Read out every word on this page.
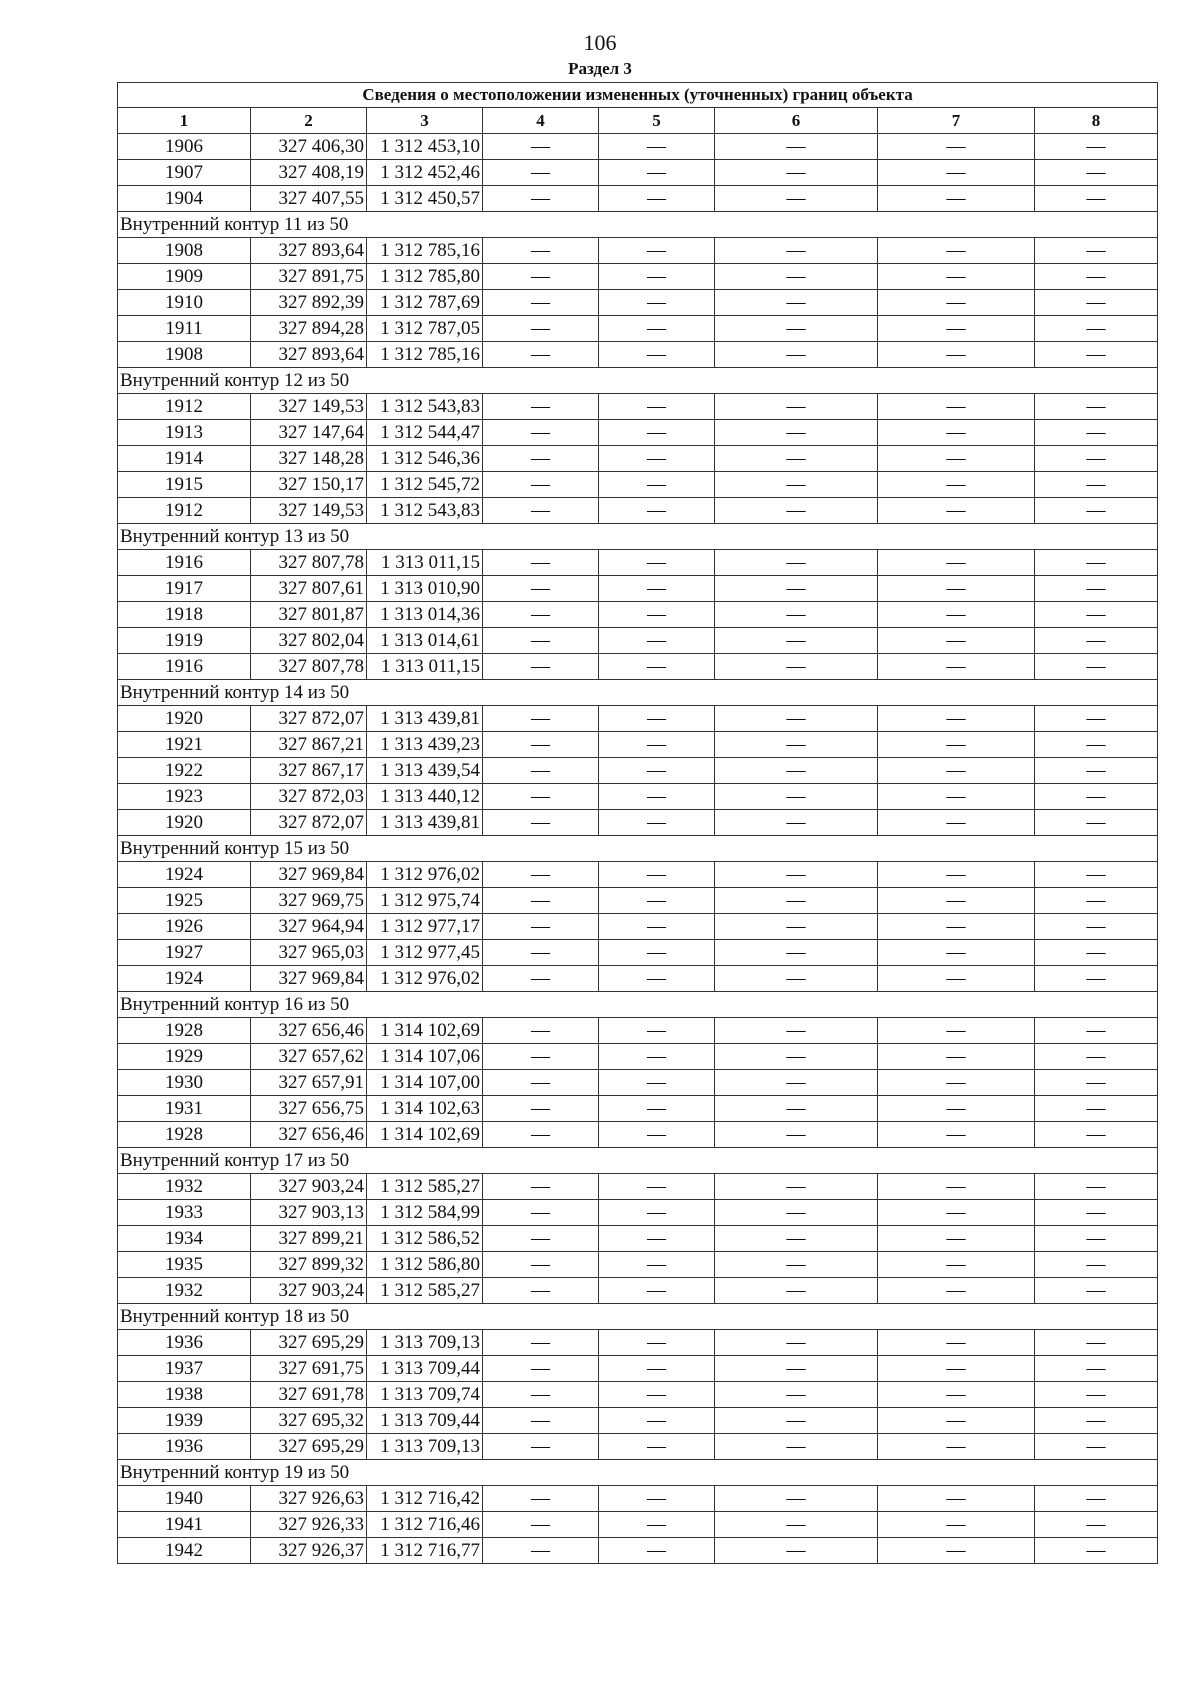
106
Раздел 3
Сведения о местоположении измененных (уточненных) границ объекта							
1	2	3	4	5	6	7	8
1906	327 406,30	1 312 453,10	—	—	—	—	—
1907	327 408,19	1 312 452,46	—	—	—	—	—
1904	327 407,55	1 312 450,57	—	—	—	—	—
Внутренний контур 11 из 50							
1908	327 893,64	1 312 785,16	—	—	—	—	—
1909	327 891,75	1 312 785,80	—	—	—	—	—
1910	327 892,39	1 312 787,69	—	—	—	—	—
1911	327 894,28	1 312 787,05	—	—	—	—	—
1908	327 893,64	1 312 785,16	—	—	—	—	—
Внутренний контур 12 из 50							
1912	327 149,53	1 312 543,83	—	—	—	—	—
1913	327 147,64	1 312 544,47	—	—	—	—	—
1914	327 148,28	1 312 546,36	—	—	—	—	—
1915	327 150,17	1 312 545,72	—	—	—	—	—
1912	327 149,53	1 312 543,83	—	—	—	—	—
Внутренний контур 13 из 50							
1916	327 807,78	1 313 011,15	—	—	—	—	—
1917	327 807,61	1 313 010,90	—	—	—	—	—
1918	327 801,87	1 313 014,36	—	—	—	—	—
1919	327 802,04	1 313 014,61	—	—	—	—	—
1916	327 807,78	1 313 011,15	—	—	—	—	—
Внутренний контур 14 из 50							
1920	327 872,07	1 313 439,81	—	—	—	—	—
1921	327 867,21	1 313 439,23	—	—	—	—	—
1922	327 867,17	1 313 439,54	—	—	—	—	—
1923	327 872,03	1 313 440,12	—	—	—	—	—
1920	327 872,07	1 313 439,81	—	—	—	—	—
Внутренний контур 15 из 50							
1924	327 969,84	1 312 976,02	—	—	—	—	—
1925	327 969,75	1 312 975,74	—	—	—	—	—
1926	327 964,94	1 312 977,17	—	—	—	—	—
1927	327 965,03	1 312 977,45	—	—	—	—	—
1924	327 969,84	1 312 976,02	—	—	—	—	—
Внутренний контур 16 из 50							
1928	327 656,46	1 314 102,69	—	—	—	—	—
1929	327 657,62	1 314 107,06	—	—	—	—	—
1930	327 657,91	1 314 107,00	—	—	—	—	—
1931	327 656,75	1 314 102,63	—	—	—	—	—
1928	327 656,46	1 314 102,69	—	—	—	—	—
Внутренний контур 17 из 50							
1932	327 903,24	1 312 585,27	—	—	—	—	—
1933	327 903,13	1 312 584,99	—	—	—	—	—
1934	327 899,21	1 312 586,52	—	—	—	—	—
1935	327 899,32	1 312 586,80	—	—	—	—	—
1932	327 903,24	1 312 585,27	—	—	—	—	—
Внутренний контур 18 из 50							
1936	327 695,29	1 313 709,13	—	—	—	—	—
1937	327 691,75	1 313 709,44	—	—	—	—	—
1938	327 691,78	1 313 709,74	—	—	—	—	—
1939	327 695,32	1 313 709,44	—	—	—	—	—
1936	327 695,29	1 313 709,13	—	—	—	—	—
Внутренний контур 19 из 50							
1940	327 926,63	1 312 716,42	—	—	—	—	—
1941	327 926,33	1 312 716,46	—	—	—	—	—
1942	327 926,37	1 312 716,77	—	—	—	—	—
